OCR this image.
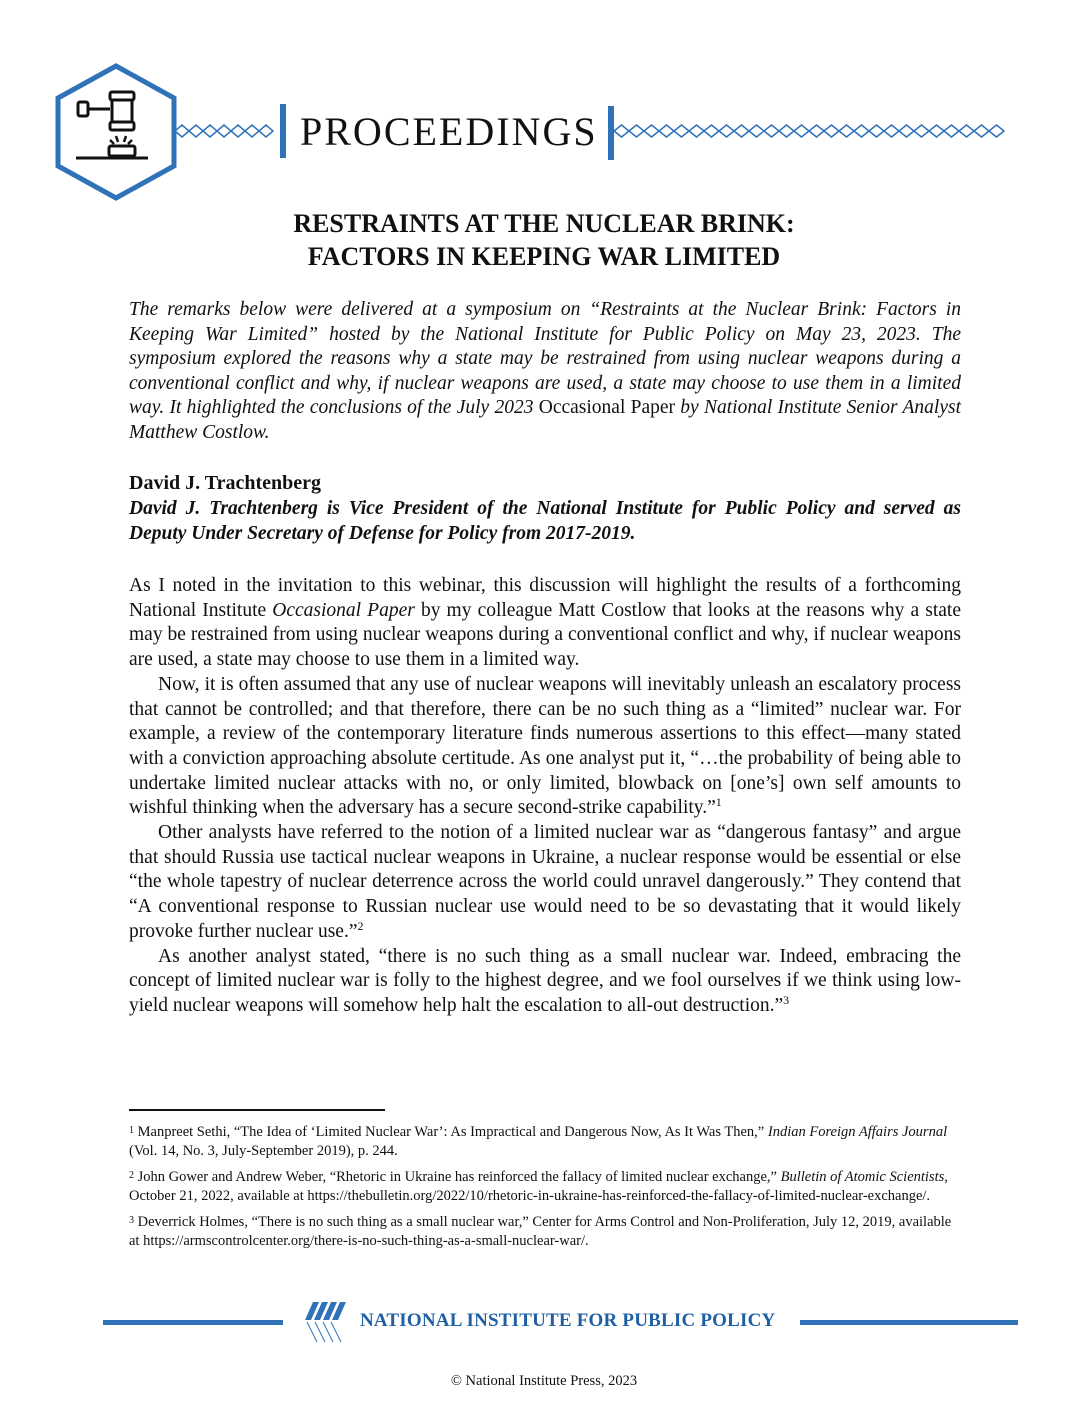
PROCEEDINGS
RESTRAINTS AT THE NUCLEAR BRINK:
FACTORS IN KEEPING WAR LIMITED
The remarks below were delivered at a symposium on “Restraints at the Nuclear Brink: Factors in Keeping War Limited” hosted by the National Institute for Public Policy on May 23, 2023. The symposium explored the reasons why a state may be restrained from using nuclear weapons during a conventional conflict and why, if nuclear weapons are used, a state may choose to use them in a limited way. It highlighted the conclusions of the July 2023 Occasional Paper by National Institute Senior Analyst Matthew Costlow.
David J. Trachtenberg
David J. Trachtenberg is Vice President of the National Institute for Public Policy and served as Deputy Under Secretary of Defense for Policy from 2017-2019.

As I noted in the invitation to this webinar, this discussion will highlight the results of a forthcoming National Institute Occasional Paper by my colleague Matt Costlow that looks at the reasons why a state may be restrained from using nuclear weapons during a conventional conflict and why, if nuclear weapons are used, a state may choose to use them in a limited way.

Now, it is often assumed that any use of nuclear weapons will inevitably unleash an escalatory process that cannot be controlled; and that therefore, there can be no such thing as a “limited” nuclear war. For example, a review of the contemporary literature finds numerous assertions to this effect—many stated with a conviction approaching absolute certitude. As one analyst put it, “…the probability of being able to undertake limited nuclear attacks with no, or only limited, blowback on [one’s] own self amounts to wishful thinking when the adversary has a secure second-strike capability.”$^1$

Other analysts have referred to the notion of a limited nuclear war as “dangerous fantasy” and argue that should Russia use tactical nuclear weapons in Ukraine, a nuclear response would be essential or else “the whole tapestry of nuclear deterrence across the world could unravel dangerously.” They contend that “A conventional response to Russian nuclear use would need to be so devastating that it would likely provoke further nuclear use.”$^2$

As another analyst stated, “there is no such thing as a small nuclear war. Indeed, embracing the concept of limited nuclear war is folly to the highest degree, and we fool ourselves if we think using low-yield nuclear weapons will somehow help halt the escalation to all-out destruction.”$^3$

$^1$ Manpreet Sethi, “The Idea of ‘Limited Nuclear War’: As Impractical and Dangerous Now, As It Was Then,” Indian Foreign Affairs Journal (Vol. 14, No. 3, July-September 2019), p. 244.
$^2$ John Gower and Andrew Weber, “Rhetoric in Ukraine has reinforced the fallacy of limited nuclear exchange,” Bulletin of Atomic Scientists, October 21, 2022, available at https://thebulletin.org/2022/10/rhetoric-in-ukraine-has-reinforced-the-fallacy-of-limited-nuclear-exchange/.
$^3$ Deverrick Holmes, “There is no such thing as a small nuclear war,” Center for Arms Control and Non-Proliferation, July 12, 2019, available at https://armscontrolcenter.org/there-is-no-such-thing-as-a-small-nuclear-war/.
NATIONAL INSTITUTE FOR PUBLIC POLICY
© National Institute Press, 2023
